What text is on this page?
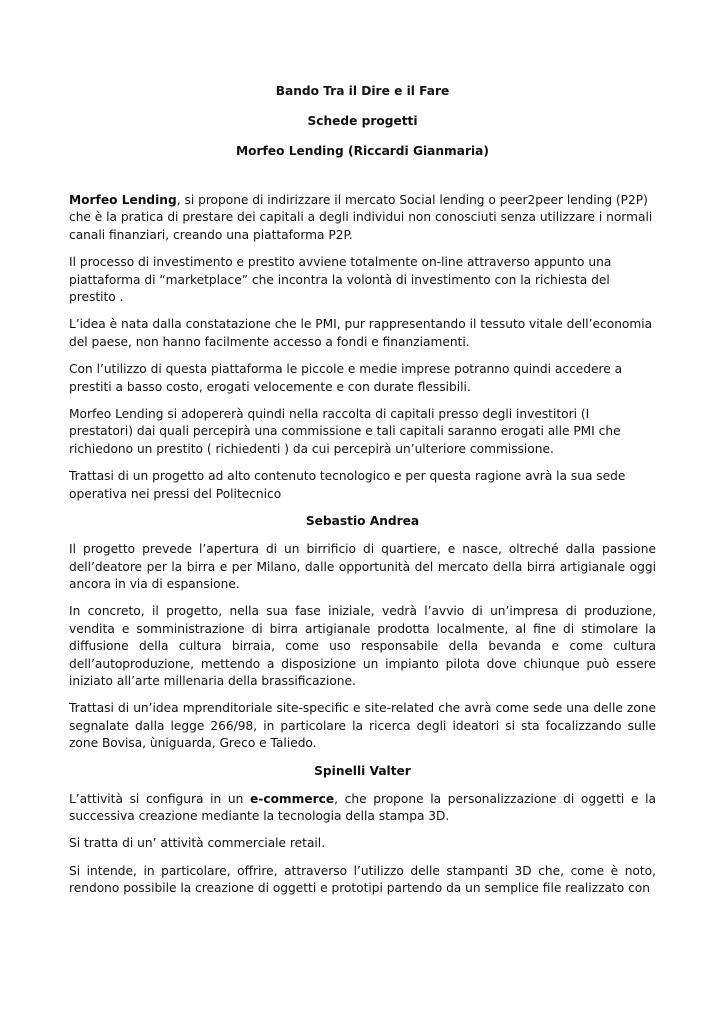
Bando Tra il Dire e il Fare

Schede progetti

Morfeo Lending (Riccardi Gianmaria)

Morfeo Lending, si propone di indirizzare il mercato Social lending o peer2peer lending (P2P) che è la pratica di prestare dei capitali a degli individui non conosciuti senza utilizzare i normali canali finanziari, creando una piattaforma P2P.

Il processo di investimento e prestito avviene totalmente on-line attraverso appunto una piattaforma di “marketplace” che incontra la volontà di investimento con la richiesta del prestito .

L’idea è nata dalla constatazione che le PMI, pur rappresentando il tessuto vitale dell’economia del paese, non hanno facilmente accesso a fondi e finanziamenti.

Con l’utilizzo di questa piattaforma le piccole e medie imprese potranno quindi accedere a prestiti a basso costo, erogati velocemente e con durate flessibili.

Morfeo Lending si adopererà quindi nella raccolta di capitali presso degli investitori (I prestatori) dai quali percepirà una commissione e tali capitali saranno erogati alle PMI che richiedono un prestito ( richiedenti ) da cui percepirà un’ulteriore commissione.

Trattasi di un progetto ad alto contenuto tecnologico e per questa ragione avrà la sua sede operativa nei pressi del Politecnico

Sebastio Andrea

Il progetto prevede l’apertura di un birrificio di quartiere, e nasce, oltreché dalla passione dell’deatore per la birra e per Milano, dalle opportunità del mercato della birra artigianale oggi ancora in via di espansione.

In concreto, il progetto, nella sua fase iniziale, vedrà l’avvio di un’impresa di produzione, vendita e somministrazione di birra artigianale prodotta localmente, al fine di stimolare la diffusione della cultura birraia, come uso responsabile della bevanda e come cultura dell’autoproduzione, mettendo a disposizione un impianto pilota dove chiunque può essere iniziato all’arte millenaria della brassificazione.

Trattasi di un’idea mprenditoriale site-specific e site-related che avrà come sede una delle zone segnalate dalla legge 266/98, in particolare la ricerca degli ideatori si sta focalizzando sulle zone Bovisa, ùniguarda, Greco e Taliedo.

Spinelli Valter

L’attività si configura in un e-commerce, che propone la personalizzazione di oggetti e la successiva creazione mediante la tecnologia della stampa 3D.

Si tratta di un’ attività commerciale retail.

Si intende, in particolare, offrire, attraverso l’utilizzo delle stampanti 3D che, come è noto, rendono possibile la creazione di oggetti e prototipi partendo da un semplice file realizzato con
